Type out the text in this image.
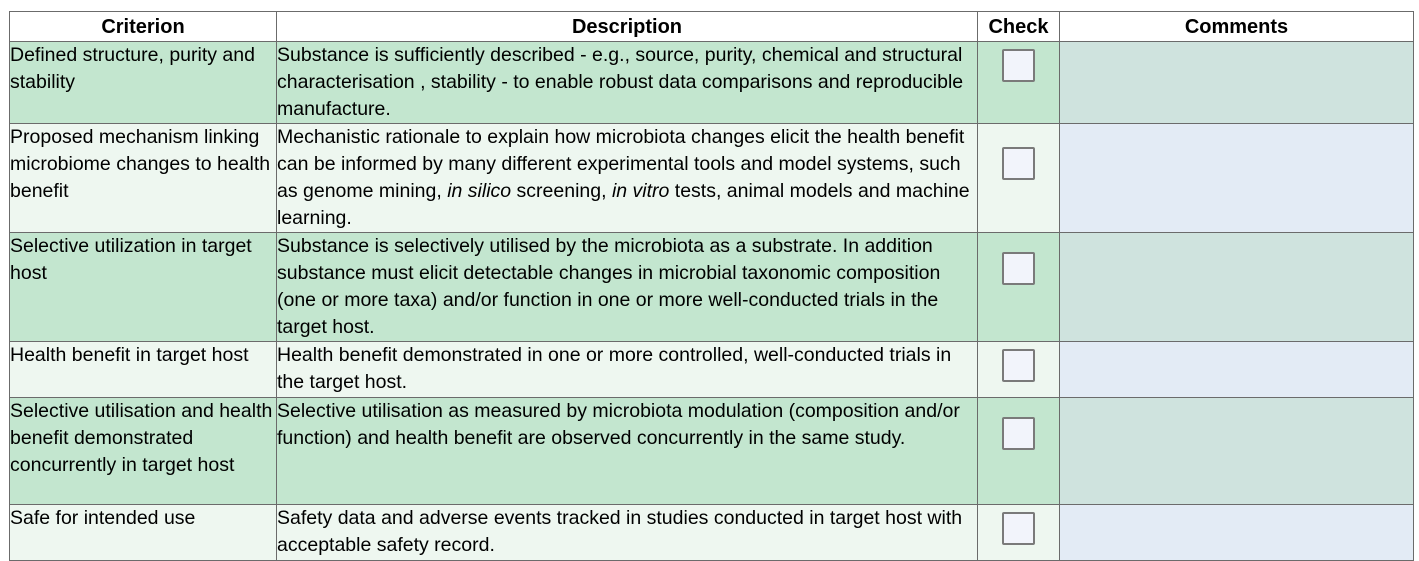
Criterion	Description	Check	Comments
Defined structure, purity and stability	Substance is sufficiently described - e.g., source, purity, chemical and structural characterisation , stability - to enable robust data comparisons and reproducible manufacture.		
Proposed mechanism linking microbiome changes to health benefit	Mechanistic rationale to explain how microbiota changes elicit the health benefit can be informed by many different experimental tools and model systems, such as genome mining, in silico screening, in vitro tests, animal models and machine learning.		
Selective utilization in target host	Substance is selectively utilised by the microbiota as a substrate. In addition substance must elicit detectable changes in microbial taxonomic composition (one or more taxa) and/or function in one or more well-conducted trials in the target host.		
Health benefit in target host	Health benefit demonstrated in one or more controlled, well-conducted trials in the target host.		
Selective utilisation and health benefit demonstrated concurrently in target host	Selective utilisation as measured by microbiota modulation (composition and/or function) and health benefit are observed concurrently in the same study.		
Safe for intended use	Safety data and adverse events tracked in studies conducted in target host with acceptable safety record.		
